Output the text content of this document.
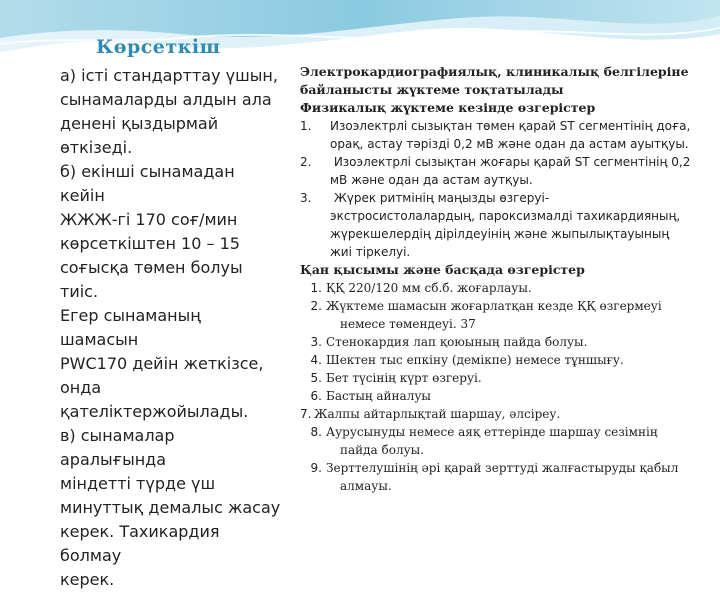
Көрсеткіш
а) істі стандарттау үшын,
сынамаларды алдын ала
денені қыздырмай өткізеді.
б) екінші сынамадан кейін
ЖЖЖ-гі 170 соғ/мин
көрсеткіштен 10 – 15
соғысқа төмен болуы тиіс.
Егер сынаманың шамасын
PWC170 дейін жеткізсе,
онда қателіктержойылады.
в) сынамалар аралығында
міндетті түрде үш
минуттық демалыс жасау
керек. Тахикардия болмау
керек.
Электрокардиографиялық, клиникалық белгілеріне
байланысты жүктеме тоқтатылады
Физикалық жүктеме кезінде өзгерістер
1.	Изоэлектрлі сызықтан төмен қарай ST сегментінің доға,
орақ, астау тәрізді 0,2 мВ және одан да астам ауытқуы.
2.	Изоэлектрлі сызықтан жоғары қарай ST сегментінің 0,2
мВ және одан да астам аутқуы.
3.	Жүрек ритмінің маңызды өзгеруі-
экстросистолалардың, пароксизмалді тахикардияның,
жүрекшелердің дірілдеуінің және жыпылықтауының
жиі тіркелуі.
Қан қысымы және басқада өзгерістер
1. ҚҚ 220/120 мм сб.б. жоғарлауы.
2. Жүктеме шамасын жоғарлатқан кезде ҚҚ өзгермеуі
немесе төмендеуі. 37
3. Стенокардия лап қоюының пайда болуы.
4. Шектен тыс епкіну (демікпе) немесе тұншығу.
5. Бет түсінің күрт өзгеруі.
6. Бастың айналуы
7. Жалпы айтарлықтай шаршау, әлсіреу.
8. Аурусынуды немесе аяқ еттерінде шаршау сезімнің
пайда болуы.
9. Зерттелушінің әрі қарай зерттуді жалғастыруды қабыл
алмауы.
